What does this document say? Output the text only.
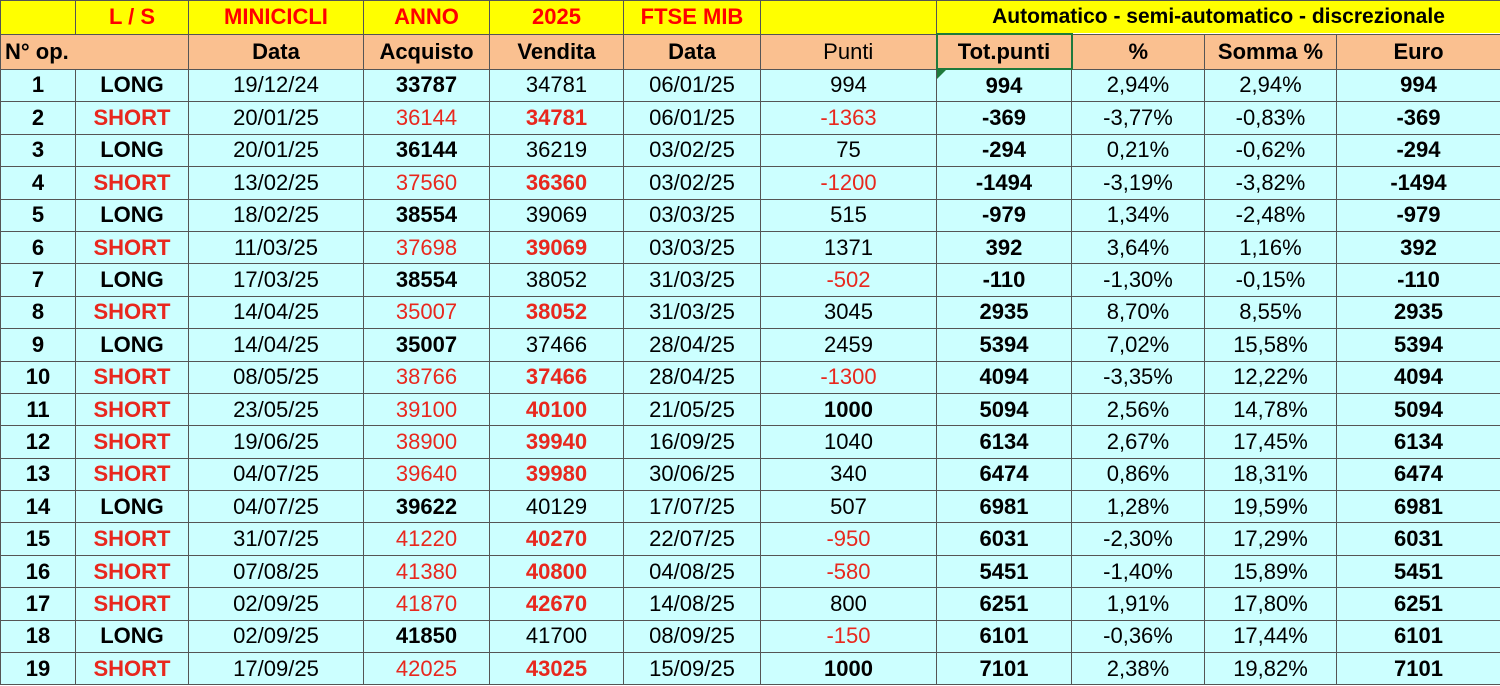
	L / S	MINICICLI	ANNO	2025	FTSE MIB		Automatico - semi-automatico - discrezionale			
N° op.		Data	Acquisto	Vendita	Data	Punti	Tot.punti	%	Somma %	Euro
1	LONG	19/12/24	33787	34781	06/01/25	994	994	2,94%	2,94%	994
2	SHORT	20/01/25	36144	34781	06/01/25	-1363	-369	-3,77%	-0,83%	-369
3	LONG	20/01/25	36144	36219	03/02/25	75	-294	0,21%	-0,62%	-294
4	SHORT	13/02/25	37560	36360	03/02/25	-1200	-1494	-3,19%	-3,82%	-1494
5	LONG	18/02/25	38554	39069	03/03/25	515	-979	1,34%	-2,48%	-979
6	SHORT	11/03/25	37698	39069	03/03/25	1371	392	3,64%	1,16%	392
7	LONG	17/03/25	38554	38052	31/03/25	-502	-110	-1,30%	-0,15%	-110
8	SHORT	14/04/25	35007	38052	31/03/25	3045	2935	8,70%	8,55%	2935
9	LONG	14/04/25	35007	37466	28/04/25	2459	5394	7,02%	15,58%	5394
10	SHORT	08/05/25	38766	37466	28/04/25	-1300	4094	-3,35%	12,22%	4094
11	SHORT	23/05/25	39100	40100	21/05/25	1000	5094	2,56%	14,78%	5094
12	SHORT	19/06/25	38900	39940	16/09/25	1040	6134	2,67%	17,45%	6134
13	SHORT	04/07/25	39640	39980	30/06/25	340	6474	0,86%	18,31%	6474
14	LONG	04/07/25	39622	40129	17/07/25	507	6981	1,28%	19,59%	6981
15	SHORT	31/07/25	41220	40270	22/07/25	-950	6031	-2,30%	17,29%	6031
16	SHORT	07/08/25	41380	40800	04/08/25	-580	5451	-1,40%	15,89%	5451
17	SHORT	02/09/25	41870	42670	14/08/25	800	6251	1,91%	17,80%	6251
18	LONG	02/09/25	41850	41700	08/09/25	-150	6101	-0,36%	17,44%	6101
19	SHORT	17/09/25	42025	43025	15/09/25	1000	7101	2,38%	19,82%	7101
